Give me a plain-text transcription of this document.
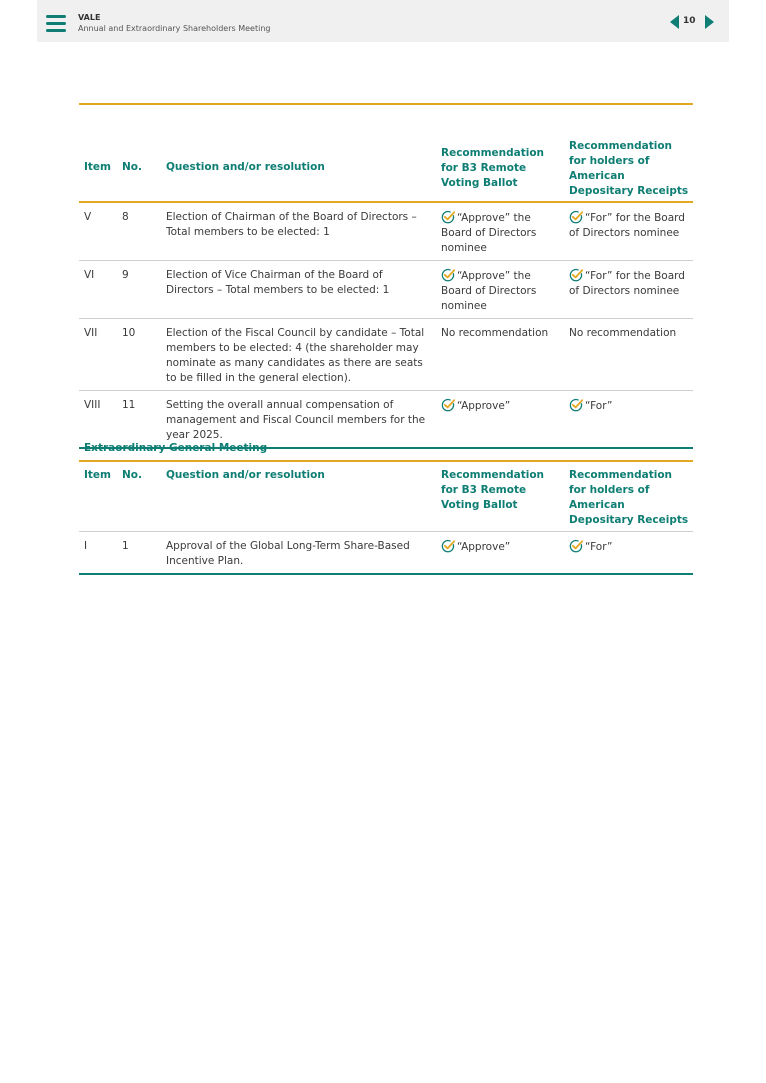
VALE
Annual and Extraordinary Shareholders Meeting
10
Item	No.	Question and/or resolution	Recommendation for B3 Remote Voting Ballot	Recommendation for holders of American Depositary Receipts
V	8	Election of Chairman of the Board of Directors – Total members to be elected: 1	“Approve” the Board of Directors nominee	“For” for the Board of Directors nominee
VI	9	Election of Vice Chairman of the Board of Directors – Total members to be elected: 1	“Approve” the Board of Directors nominee	“For” for the Board of Directors nominee
VII	10	Election of the Fiscal Council by candidate – Total members to be elected: 4 (the shareholder may nominate as many candidates as there are seats to be filled in the general election).	No recommendation	No recommendation
VIII	11	Setting the overall annual compensation of management and Fiscal Council members for the year 2025.	“Approve”	“For”
Extraordinary General Meeting
Item	No.	Question and/or resolution	Recommendation for B3 Remote Voting Ballot	Recommendation for holders of American Depositary Receipts
I	1	Approval of the Global Long-Term Share-Based Incentive Plan.	“Approve”	“For”
